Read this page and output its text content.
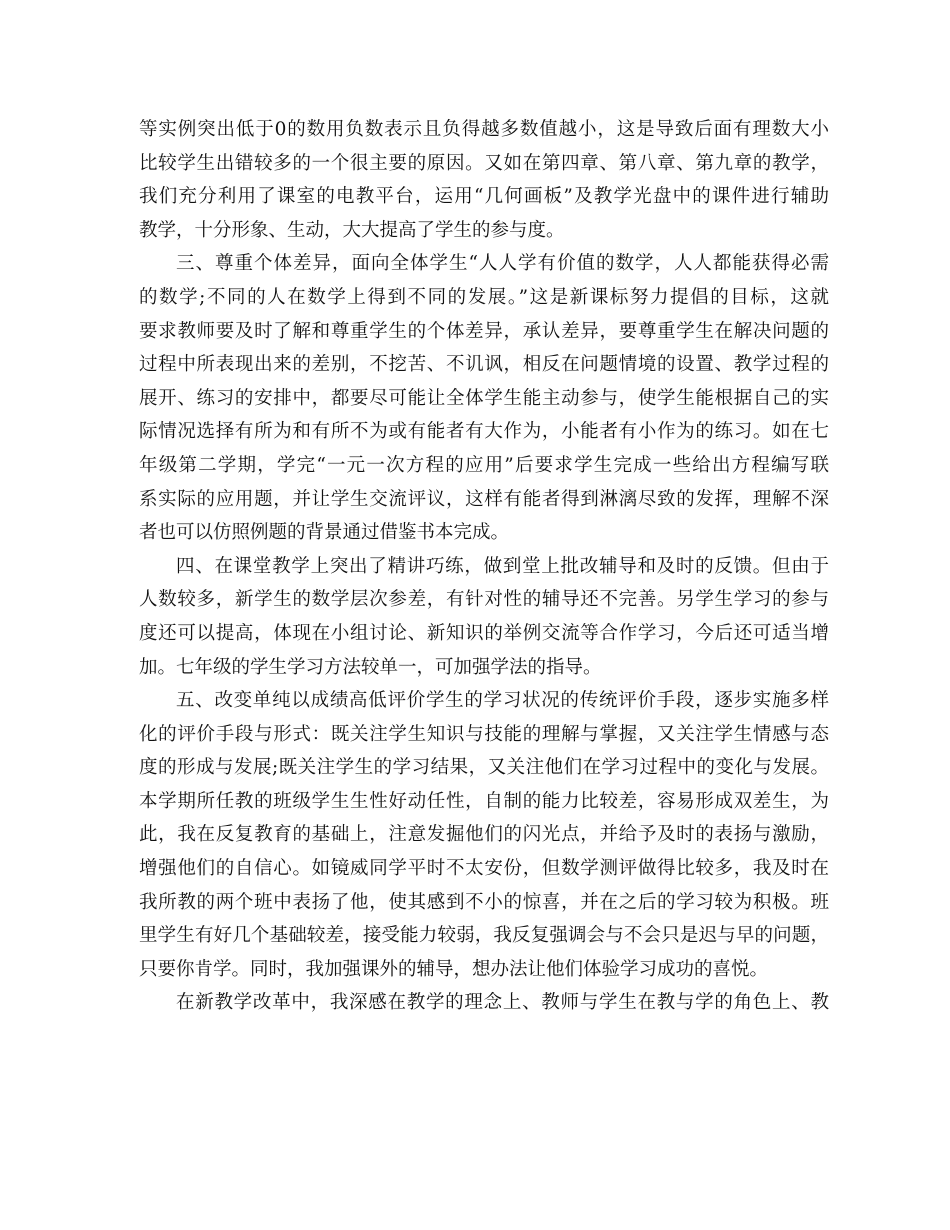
等实例突出低于0的数用负数表示且负得越多数值越小，这是导致后面有理数大小
比较学生出错较多的一个很主要的原因。又如在第四章、第八章、第九章的教学，
我们充分利用了课室的电教平台，运用“几何画板”及教学光盘中的课件进行辅助
教学，十分形象、生动，大大提高了学生的参与度。
三、尊重个体差异，面向全体学生“人人学有价值的数学，人人都能获得必需
的数学;不同的人在数学上得到不同的发展。”这是新课标努力提倡的目标，这就
要求教师要及时了解和尊重学生的个体差异，承认差异，要尊重学生在解决问题的
过程中所表现出来的差别，不挖苦、不讥讽，相反在问题情境的设置、教学过程的
展开、练习的安排中，都要尽可能让全体学生能主动参与，使学生能根据自己的实
际情况选择有所为和有所不为或有能者有大作为，小能者有小作为的练习。如在七
年级第二学期，学完“一元一次方程的应用”后要求学生完成一些给出方程编写联
系实际的应用题，并让学生交流评议，这样有能者得到淋漓尽致的发挥，理解不深
者也可以仿照例题的背景通过借鉴书本完成。
四、在课堂教学上突出了精讲巧练，做到堂上批改辅导和及时的反馈。但由于
人数较多，新学生的数学层次参差，有针对性的辅导还不完善。另学生学习的参与
度还可以提高，体现在小组讨论、新知识的举例交流等合作学习，今后还可适当增
加。七年级的学生学习方法较单一，可加强学法的指导。
五、改变单纯以成绩高低评价学生的学习状况的传统评价手段，逐步实施多样
化的评价手段与形式：既关注学生知识与技能的理解与掌握，又关注学生情感与态
度的形成与发展;既关注学生的学习结果，又关注他们在学习过程中的变化与发展。
本学期所任教的班级学生生性好动任性，自制的能力比较差，容易形成双差生，为
此，我在反复教育的基础上，注意发掘他们的闪光点，并给予及时的表扬与激励，
增强他们的自信心。如镜威同学平时不太安份，但数学测评做得比较多，我及时在
我所教的两个班中表扬了他，使其感到不小的惊喜，并在之后的学习较为积极。班
里学生有好几个基础较差，接受能力较弱，我反复强调会与不会只是迟与早的问题，
只要你肯学。同时，我加强课外的辅导，想办法让他们体验学习成功的喜悦。
在新教学改革中，我深感在教学的理念上、教师与学生在教与学的角色上、教
